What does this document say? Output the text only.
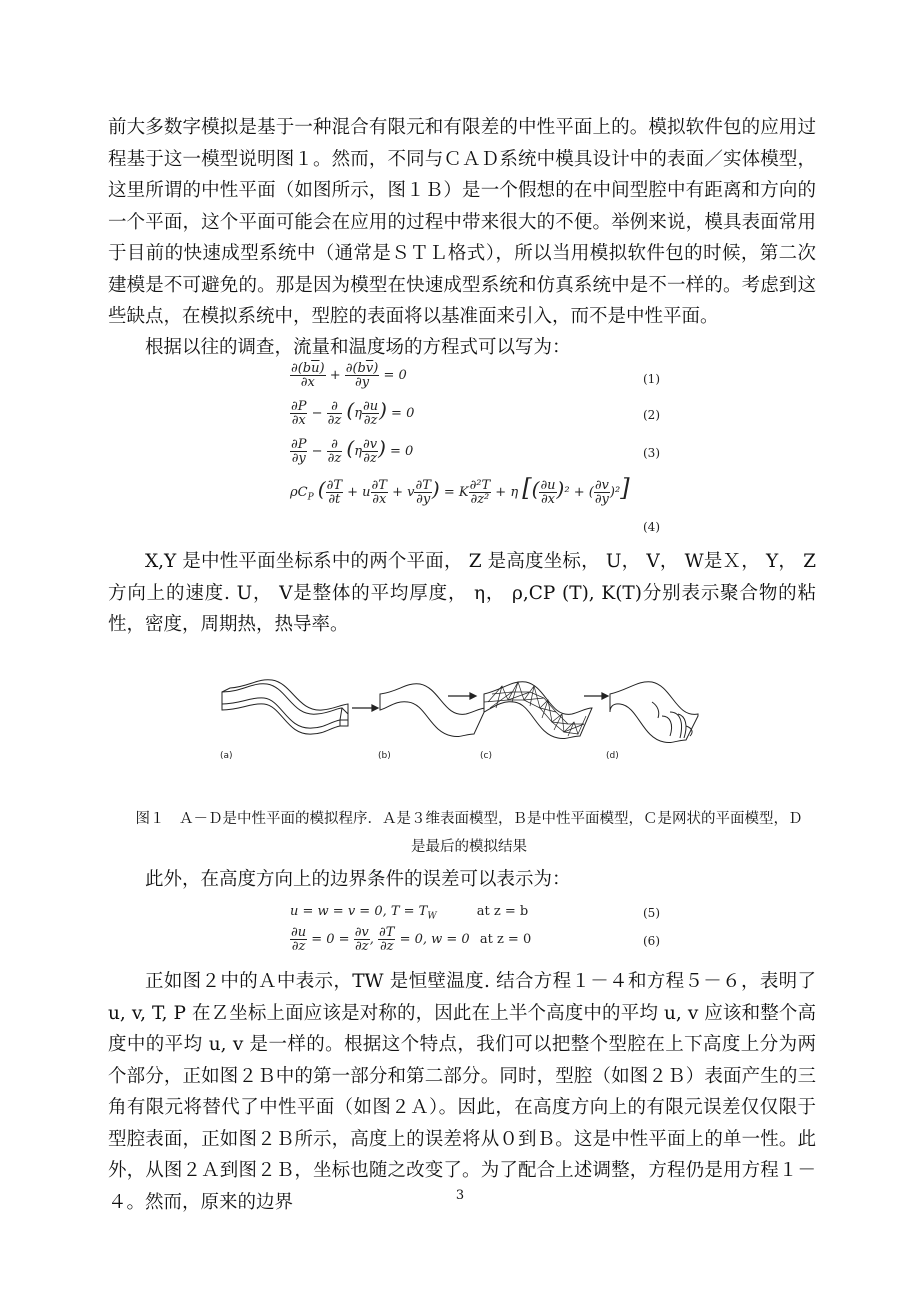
前大多数字模拟是基于一种混合有限元和有限差的中性平面上的。模拟软件包的应用过程基于这一模型说明图１。然而，不同与ＣＡＤ系统中模具设计中的表面／实体模型，这里所谓的中性平面（如图所示，图１Ｂ）是一个假想的在中间型腔中有距离和方向的一个平面，这个平面可能会在应用的过程中带来很大的不便。举例来说，模具表面常用于目前的快速成型系统中（通常是ＳＴＬ格式），所以当用模拟软件包的时候，第二次建模是不可避免的。那是因为模型在快速成型系统和仿真系统中是不一样的。考虑到这些缺点，在模拟系统中，型腔的表面将以基准面来引入，而不是中性平面。

根据以往的调查，流量和温度场的方程式可以写为：

$\frac{\partial(b\overline{u})}{\partial x} + \frac{\partial(b\overline{v})}{\partial y} = 0$	(1)
$\frac{\partial P}{\partial x} - \frac{\partial}{\partial z} (\eta \frac{\partial u}{\partial z}$ ) = 0	(2)
$\frac{\partial P}{\partial y} - \frac{\partial}{\partial z} (\eta \frac{\partial v}{\partial z}$ ) = 0	(3)
$\rho C_P$ ( $\frac{\partial T}{\partial t} + u \frac{\partial T}{\partial x} + v \frac{\partial T}{\partial y}$ ) = K $\frac{\text{∂²T}}{\text{∂z²}} + \eta$ [( $\frac{\partial u}{\partial x} )^2$ + ( $\frac{\partial v}{\partial y} )^2$]
(4)

X,Y 是中性平面坐标系中的两个平面， Z 是高度坐标， U， V， W是Ｘ， Y， Z方向上的速度. U， V是整体的平均厚度， η， ρ,CP (T), K(T)分别表示聚合物的粘性，密度，周期热，热导率。

(a)	(b)	(c)	(d)

图１　Ａ－Ｄ是中性平面的模拟程序．Ａ是３维表面模型，Ｂ是中性平面模型，Ｃ是网状的平面模型，Ｄ

是最后的模拟结果

此外，在高度方向上的边界条件的误差可以表示为：

u = w = v = 0, $T = T_W$	at z = b	(5)
$\frac{\partial u}{\partial z} = 0 = \frac{\partial v}{\partial z}$ , $\frac{\partial T}{\partial z} = 0$, w = 0 at z = 0	(6)

正如图２中的Ａ中表示，TW 是恒壁温度. 结合方程１－４和方程５－６，表明了 u, v, T, P 在Ｚ坐标上面应该是对称的，因此在上半个高度中的平均 u, v 应该和整个高度中的平均 u, v 是一样的。根据这个特点，我们可以把整个型腔在上下高度上分为两个部分，正如图２Ｂ中的第一部分和第二部分。同时，型腔（如图２Ｂ）表面产生的三角有限元将替代了中性平面（如图２Ａ）。因此，在高度方向上的有限元误差仅仅限于型腔表面，正如图２Ｂ所示，高度上的误差将从０到Ｂ。这是中性平面上的单一性。此外，从图２Ａ到图２Ｂ，坐标也随之改变了。为了配合上述调整，方程仍是用方程１－４。然而，原来的边界	3
